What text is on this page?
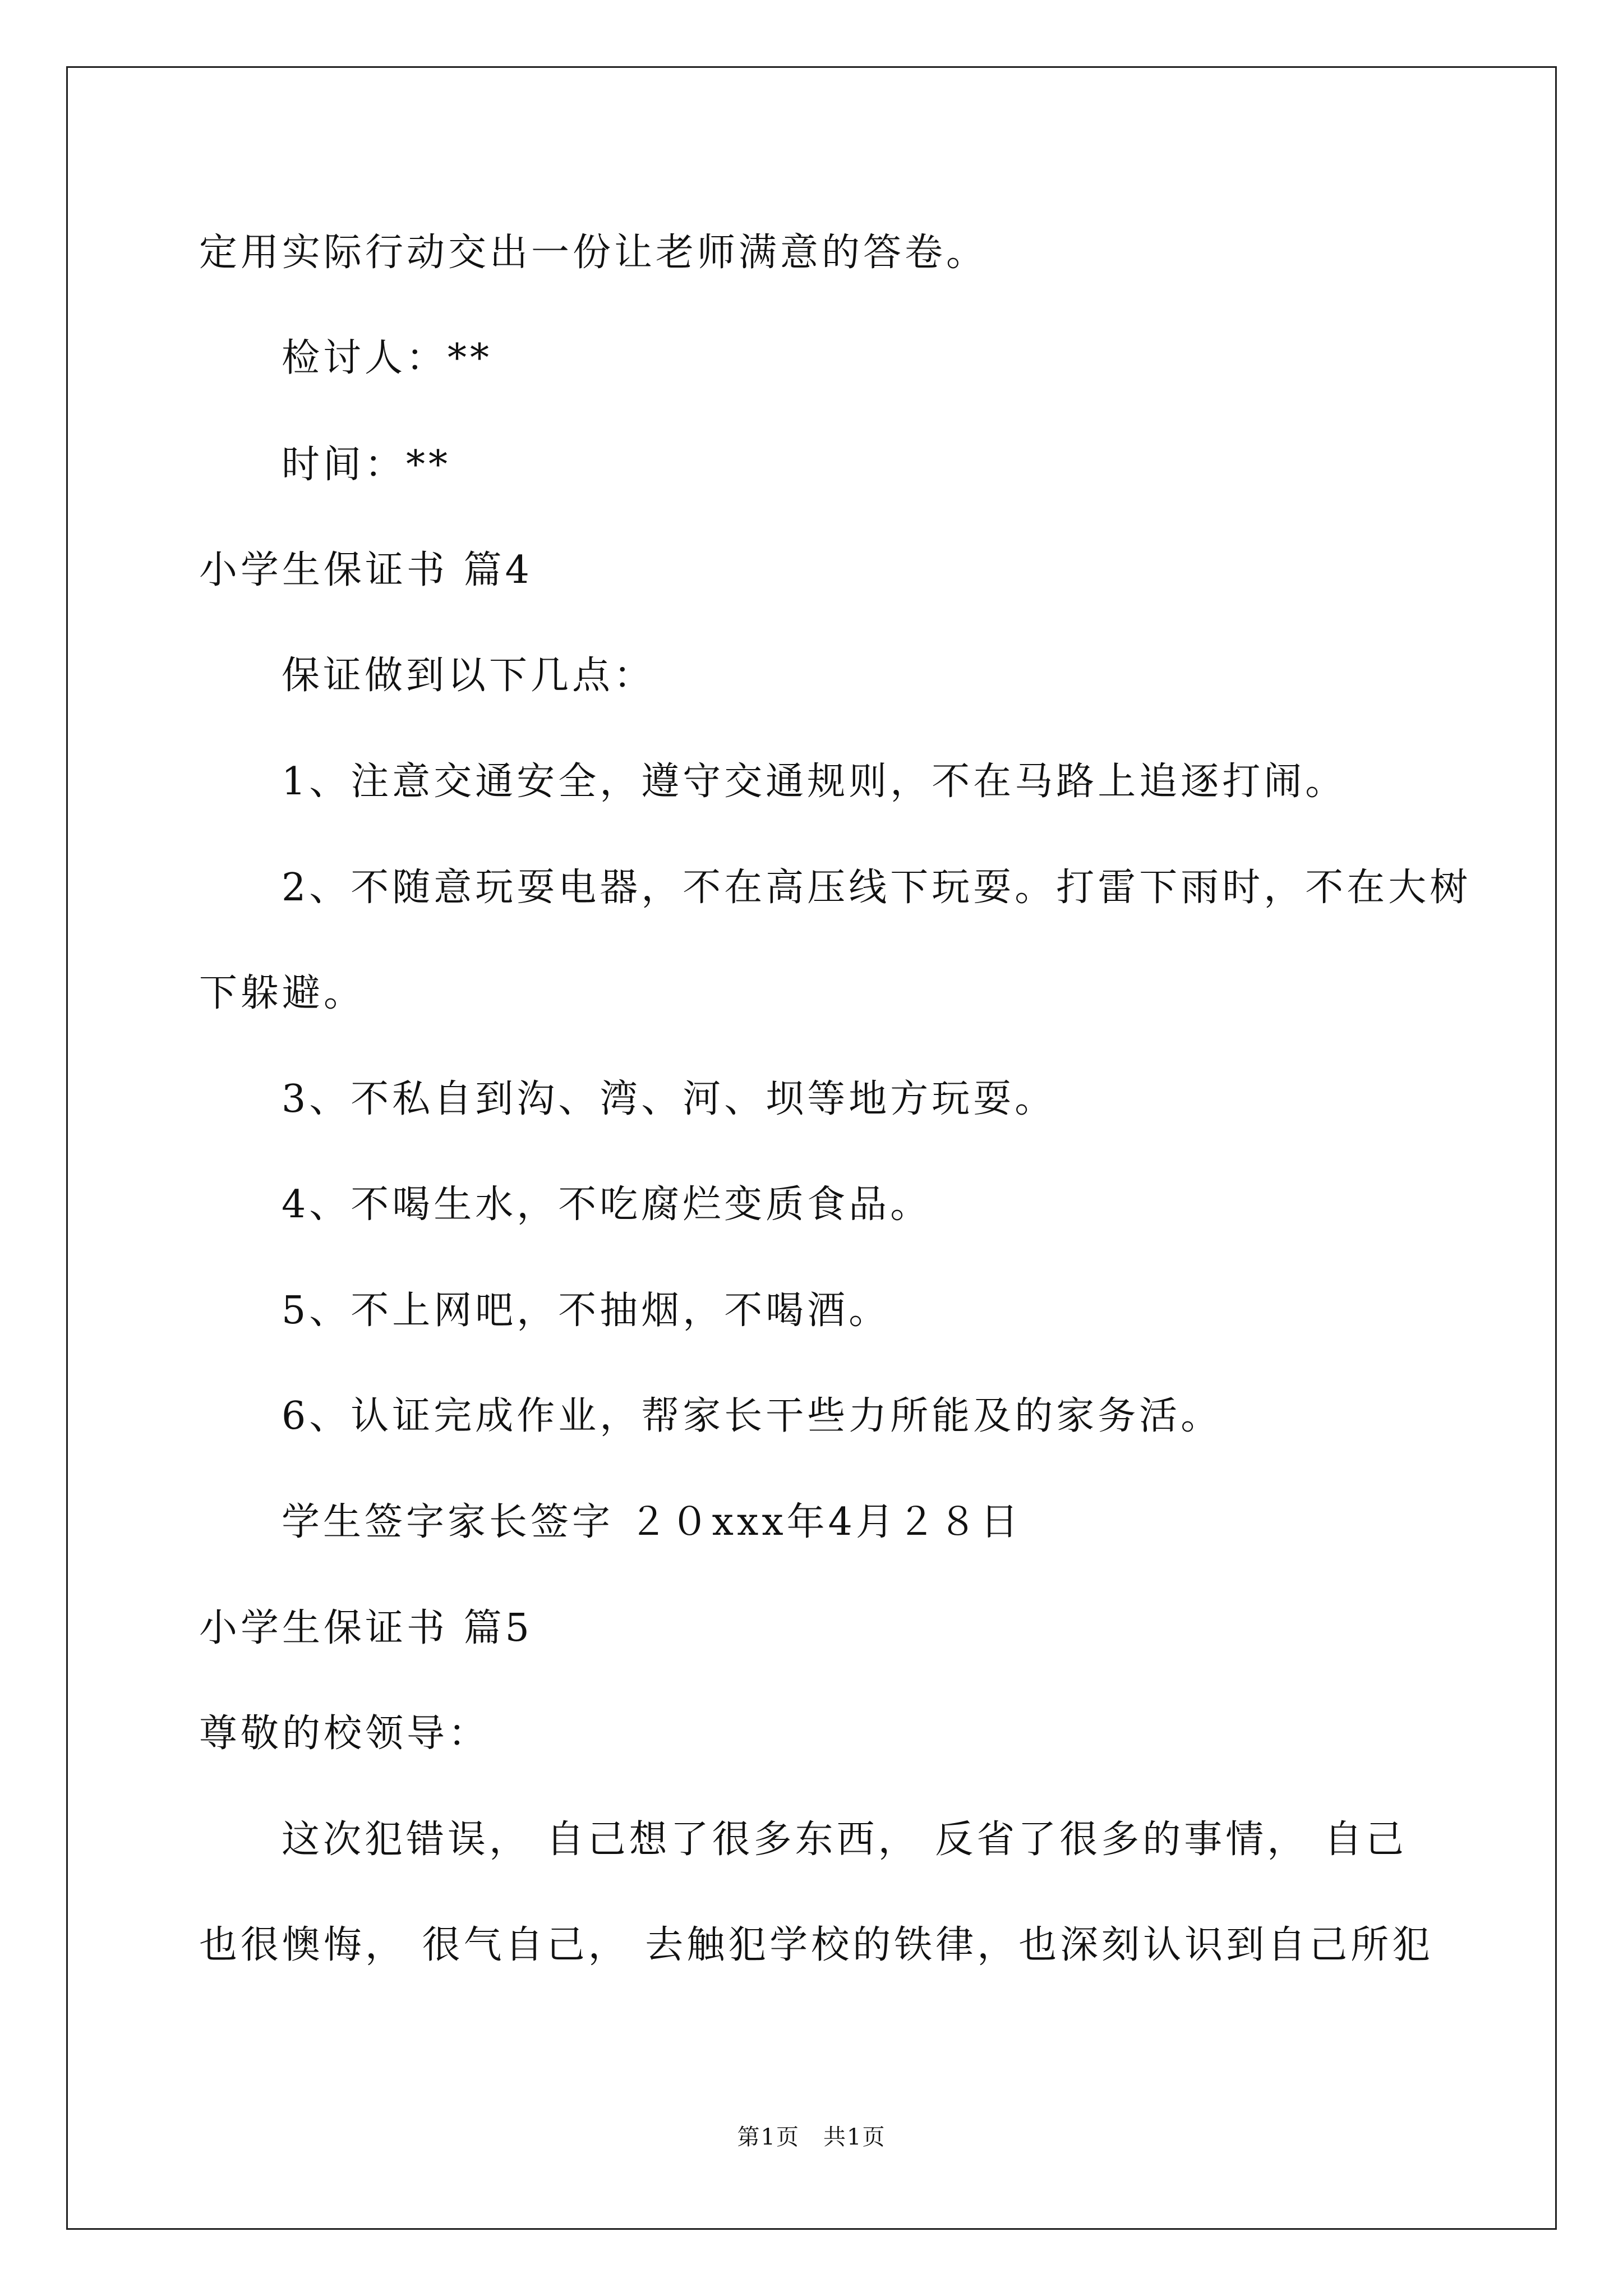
定用实际行动交出一份让老师满意的答卷。
检讨人：**
时间：**
小学生保证书 篇4
保证做到以下几点：
1、注意交通安全，遵守交通规则，不在马路上追逐打闹。
2、不随意玩耍电器，不在高压线下玩耍。打雷下雨时，不在大树
下躲避。
3、不私自到沟、湾、河、坝等地方玩耍。
4、不喝生水，不吃腐烂变质食品。
5、不上网吧，不抽烟，不喝酒。
6、认证完成作业，帮家长干些力所能及的家务活。
学生签字家长签字 ２０xxx年4月２８日
小学生保证书 篇5
尊敬的校领导：
这次犯错误， 自己想了很多东西， 反省了很多的事情， 自己
也很懊悔， 很气自己， 去触犯学校的铁律，也深刻认识到自己所犯
第1页　共1页
